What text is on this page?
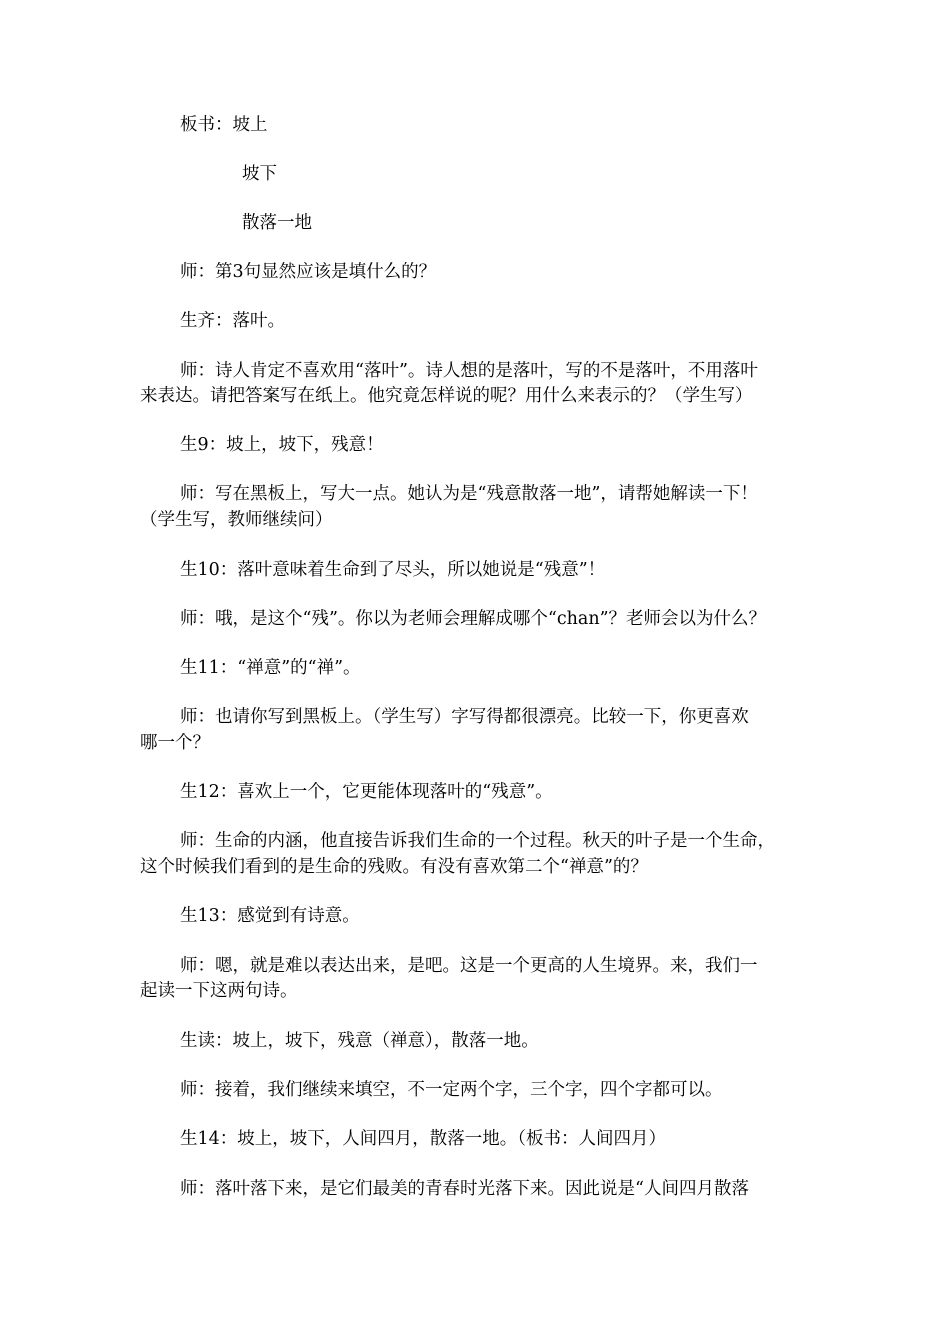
板书：坡上
坡下
散落一地
师：第3句显然应该是填什么的？
生齐：落叶。
师：诗人肯定不喜欢用“落叶”。诗人想的是落叶，写的不是落叶，不用落叶
来表达。请把答案写在纸上。他究竟怎样说的呢？用什么来表示的？（学生写）
生9：坡上，坡下，残意！
师：写在黑板上，写大一点。她认为是“残意散落一地”，请帮她解读一下！
（学生写，教师继续问）
生10：落叶意味着生命到了尽头，所以她说是“残意”！
师：哦，是这个“残”。你以为老师会理解成哪个“chan”？老师会以为什么？
生11：“禅意”的“禅”。
师：也请你写到黑板上。（学生写）字写得都很漂亮。比较一下，你更喜欢
哪一个？
生12：喜欢上一个，它更能体现落叶的“残意”。
师：生命的内涵，他直接告诉我们生命的一个过程。秋天的叶子是一个生命，
这个时候我们看到的是生命的残败。有没有喜欢第二个“禅意”的？
生13：感觉到有诗意。
师：嗯，就是难以表达出来，是吧。这是一个更高的人生境界。来，我们一
起读一下这两句诗。
生读：坡上，坡下，残意（禅意），散落一地。
师：接着，我们继续来填空，不一定两个字，三个字，四个字都可以。
生14：坡上，坡下，人间四月，散落一地。（板书：人间四月）
师：落叶落下来，是它们最美的青春时光落下来。因此说是“人间四月散落
